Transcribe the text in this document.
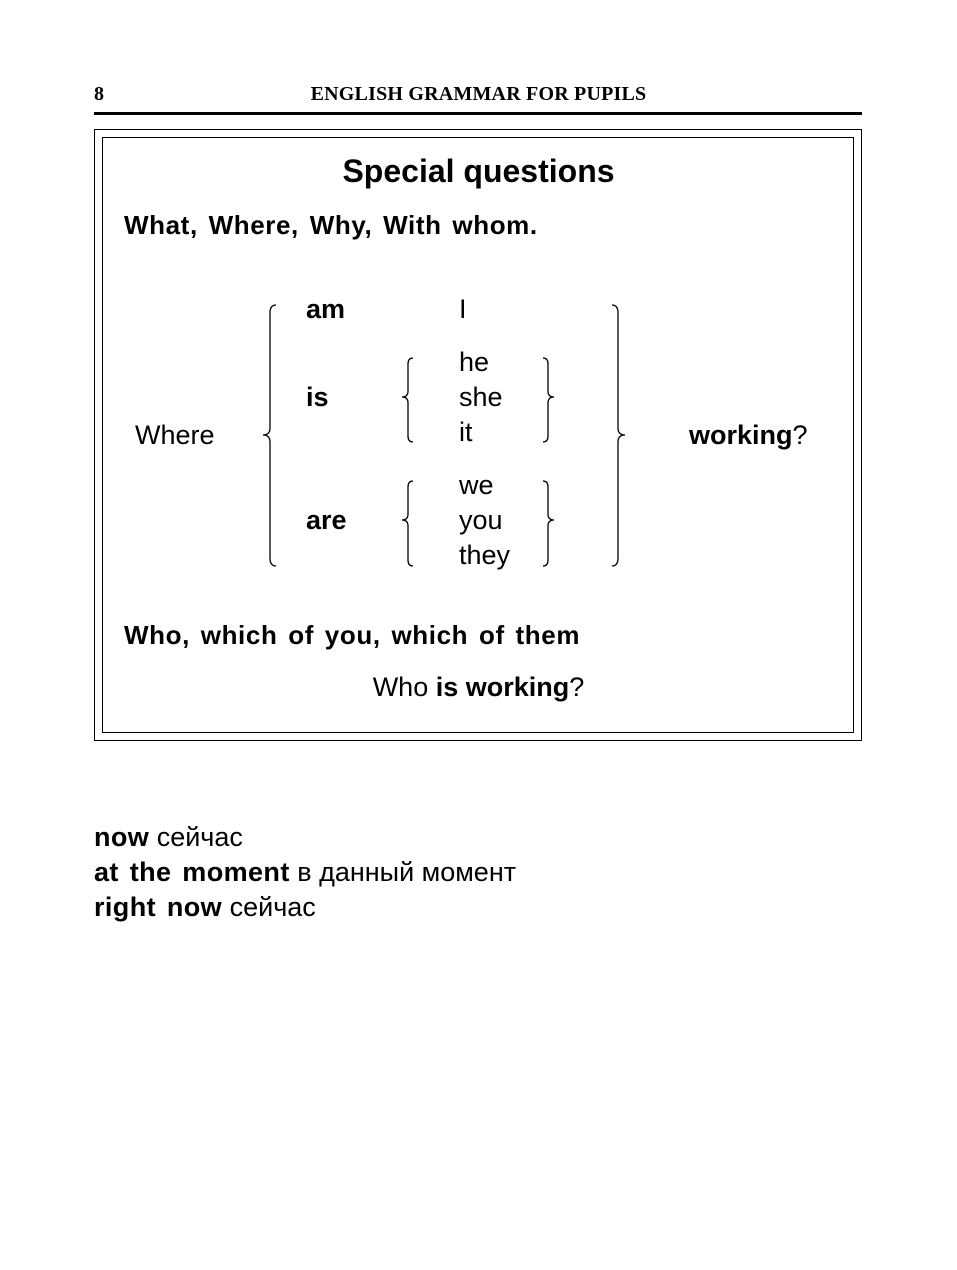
8	ENGLISH GRAMMAR FOR PUPILS
Special questions
What, Where, Why, With whom.
Where
am
is
are
I
he
she
it
we
you
they
working?
Who, which of you, which of them
Who is working?
now сейчас
at the moment в данный момент
right now сейчас
